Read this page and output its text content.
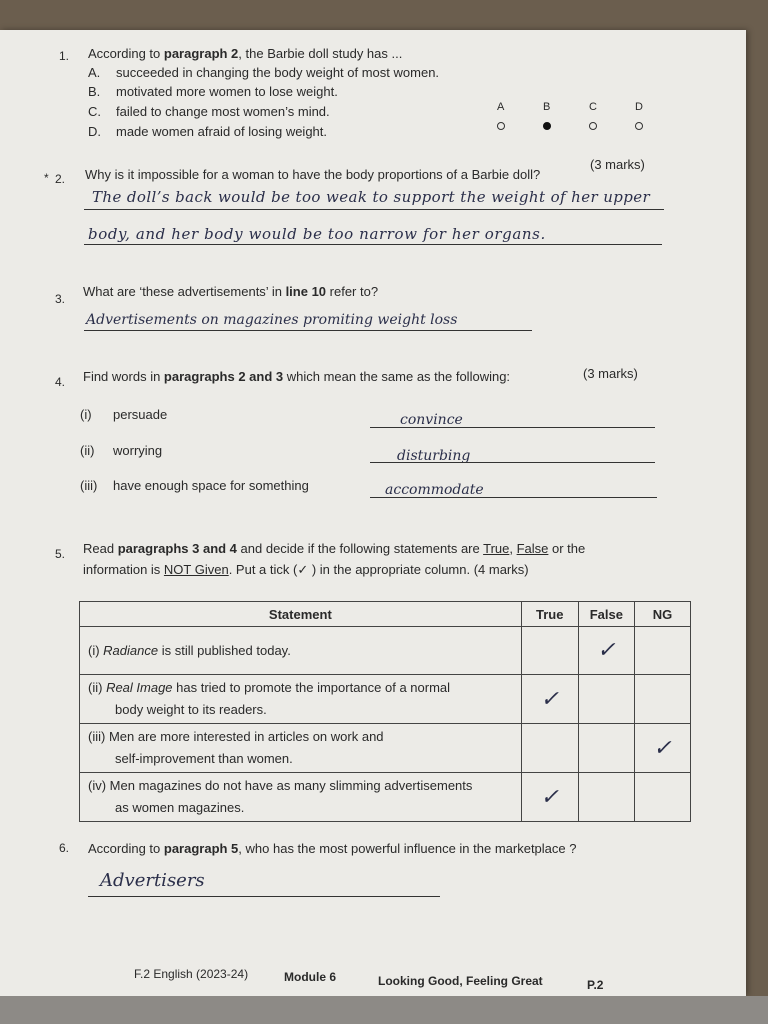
1. According to paragraph 2, the Barbie doll study has ...
A. succeeded in changing the body weight of most women.
B. motivated more women to lose weight.
C. failed to change most women’s mind.
D. made women afraid of losing weight.
A	B	C	D
* 2. Why is it impossible for a woman to have the body proportions of a Barbie doll?
(3 marks)
The doll’s back would be too weak to support the weight of her upper
body, and her body would be too narrow for her organs.
3. What are ‘these advertisements’ in line 10 refer to?
Advertisements on magazines promiting weight loss
4. Find words in paragraphs 2 and 3 which mean the same as the following:	(3 marks)
(i) persuade	convince
(ii) worrying	disturbing
(iii) have enough space for something	accommodate
5. Read paragraphs 3 and 4 and decide if the following statements are True, False or the
information is NOT Given. Put a tick (✓ ) in the appropriate column. (4 marks)
Statement	True	False	NG
(i) Radiance is still published today.		✓	
(ii) Real Image has tried to promote the importance of a normal
body weight to its readers.	✓		
(iii) Men are more interested in articles on work and
self-improvement than women.			✓
(iv) Men magazines do not have as many slimming advertisements
as women magazines.	✓		
6. According to paragraph 5, who has the most powerful influence in the marketplace ?
Advertisers
F.2 English (2023-24)	Module 6	Looking Good, Feeling Great	P.2
